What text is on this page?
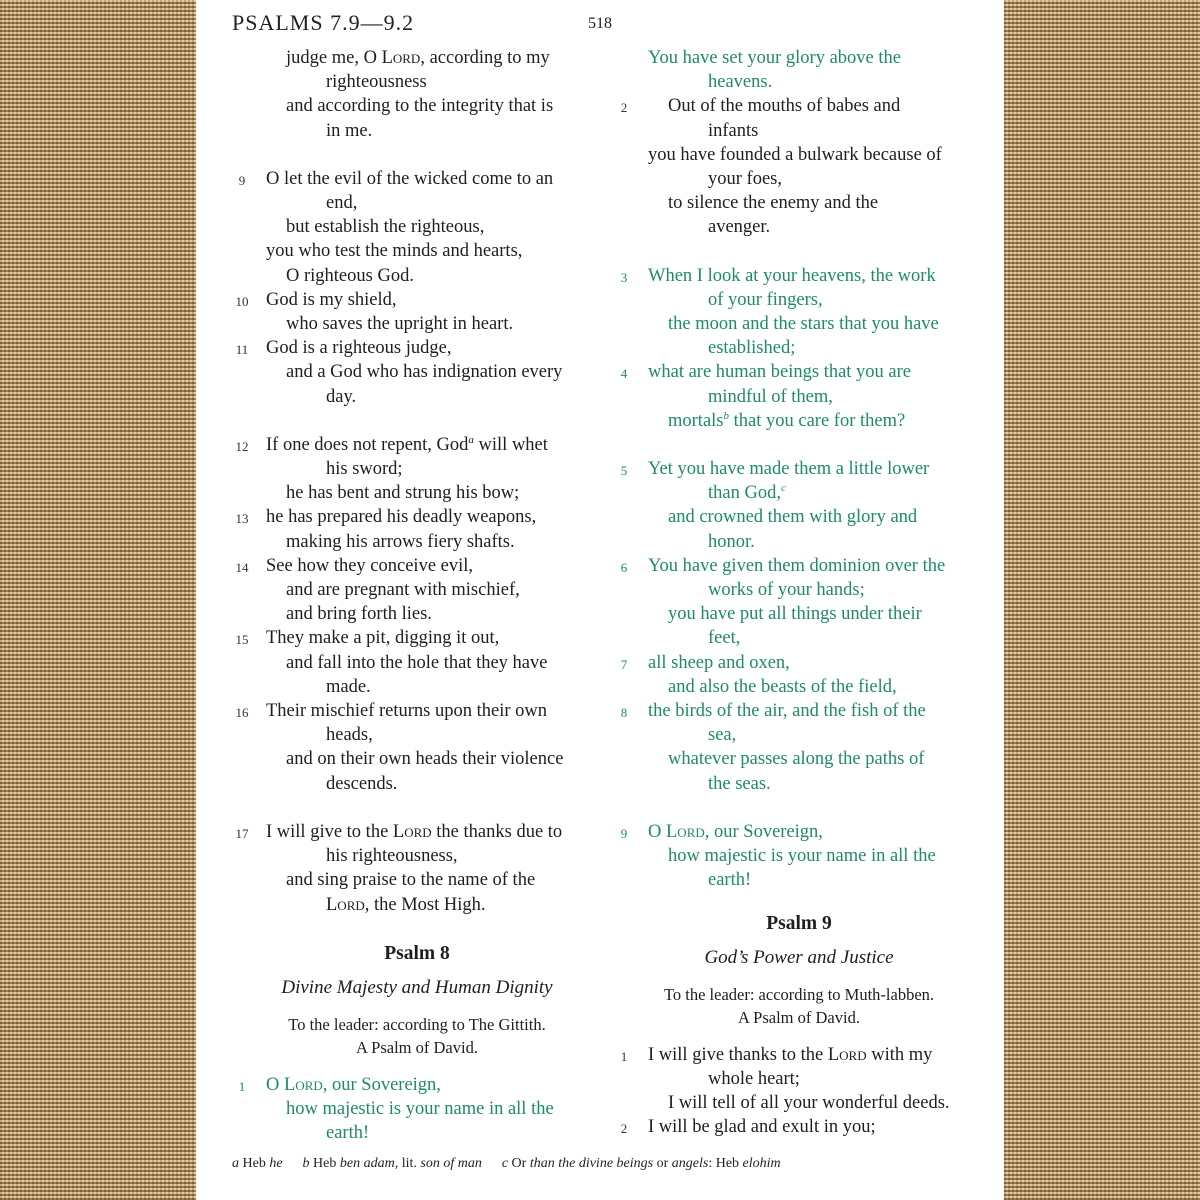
PSALMS 7.9—9.2	518
judge me, O Lord, according to my
righteousness
and according to the integrity that is
in me.
9	O let the evil of the wicked come to an
end,
but establish the righteous,
you who test the minds and hearts,
O righteous God.
10 God is my shield,
who saves the upright in heart.
11 God is a righteous judge,
and a God who has indignation every
day.
12 If one does not repent, God$^a$ will whet
his sword;
he has bent and strung his bow;
13 he has prepared his deadly weapons,
making his arrows fiery shafts.
14 See how they conceive evil,
and are pregnant with mischief,
and bring forth lies.
15 They make a pit, digging it out,
and fall into the hole that they have
made.
16 Their mischief returns upon their own
heads,
and on their own heads their violence
descends.
17 I will give to the Lord the thanks due to
his righteousness,
and sing praise to the name of the
Lord, the Most High.
Psalm 8
Divine Majesty and Human Dignity
To the leader: according to The Gittith.
A Psalm of David.
1	O Lord, our Sovereign,
how majestic is your name in all the
earth!
You have set your glory above the
heavens.
2	Out of the mouths of babes and
infants
you have founded a bulwark because of
your foes,
to silence the enemy and the
avenger.
3	When I look at your heavens, the work
of your fingers,
the moon and the stars that you have
established;
4	what are human beings that you are
mindful of them,
mortals$^b$ that you care for them?
5	Yet you have made them a little lower
than God,$^c$
and crowned them with glory and
honor.
6	You have given them dominion over the
works of your hands;
you have put all things under their
feet,
7	all sheep and oxen,
and also the beasts of the field,
8	the birds of the air, and the fish of the
sea,
whatever passes along the paths of
the seas.
9	O Lord, our Sovereign,
how majestic is your name in all the
earth!
Psalm 9
God’s Power and Justice
To the leader: according to Muth-labben.
A Psalm of David.
1	I will give thanks to the Lord with my
whole heart;
I will tell of all your wonderful deeds.
2	I will be glad and exult in you;
a Heb he b Heb ben adam, lit. son of man c Or than the divine beings or angels: Heb elohim
